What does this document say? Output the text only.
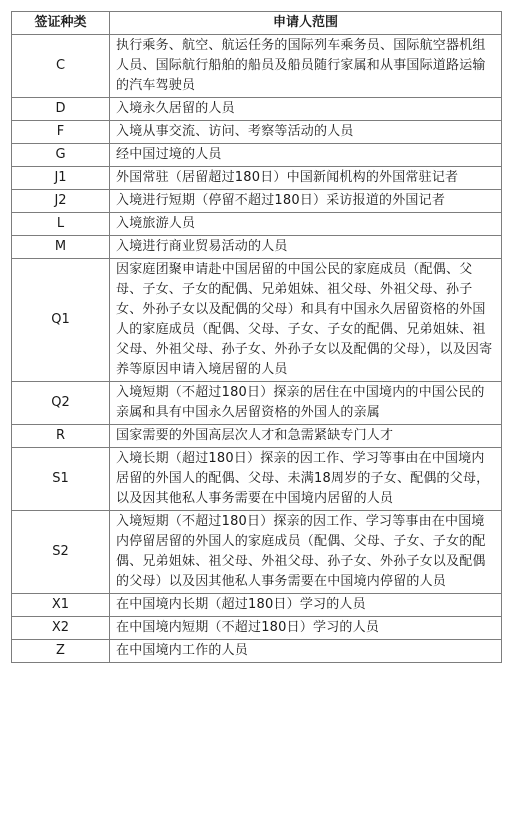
签证种类	申请人范围
C	执行乘务、航空、航运任务的国际列车乘务员、国际航空器机组人员、国际航行船舶的船员及船员随行家属和从事国际道路运输的汽车驾驶员
D	入境永久居留的人员
F	入境从事交流、访问、考察等活动的人员
G	经中国过境的人员
J1	外国常驻（居留超过180日）中国新闻机构的外国常驻记者
J2	入境进行短期（停留不超过180日）采访报道的外国记者
L	入境旅游人员
M	入境进行商业贸易活动的人员
Q1	因家庭团聚申请赴中国居留的中国公民的家庭成员（配偶、父母、子女、子女的配偶、兄弟姐妹、祖父母、外祖父母、孙子女、外孙子女以及配偶的父母）和具有中国永久居留资格的外国人的家庭成员（配偶、父母、子女、子女的配偶、兄弟姐妹、祖父母、外祖父母、孙子女、外孙子女以及配偶的父母），以及因寄养等原因申请入境居留的人员
Q2	入境短期（不超过180日）探亲的居住在中国境内的中国公民的亲属和具有中国永久居留资格的外国人的亲属
R	国家需要的外国高层次人才和急需紧缺专门人才
S1	入境长期（超过180日）探亲的因工作、学习等事由在中国境内居留的外国人的配偶、父母、未满18周岁的子女、配偶的父母，以及因其他私人事务需要在中国境内居留的人员
S2	入境短期（不超过180日）探亲的因工作、学习等事由在中国境内停留居留的外国人的家庭成员（配偶、父母、子女、子女的配偶、兄弟姐妹、祖父母、外祖父母、孙子女、外孙子女以及配偶的父母）以及因其他私人事务需要在中国境内停留的人员
X1	在中国境内长期（超过180日）学习的人员
X2	在中国境内短期（不超过180日）学习的人员
Z	在中国境内工作的人员
